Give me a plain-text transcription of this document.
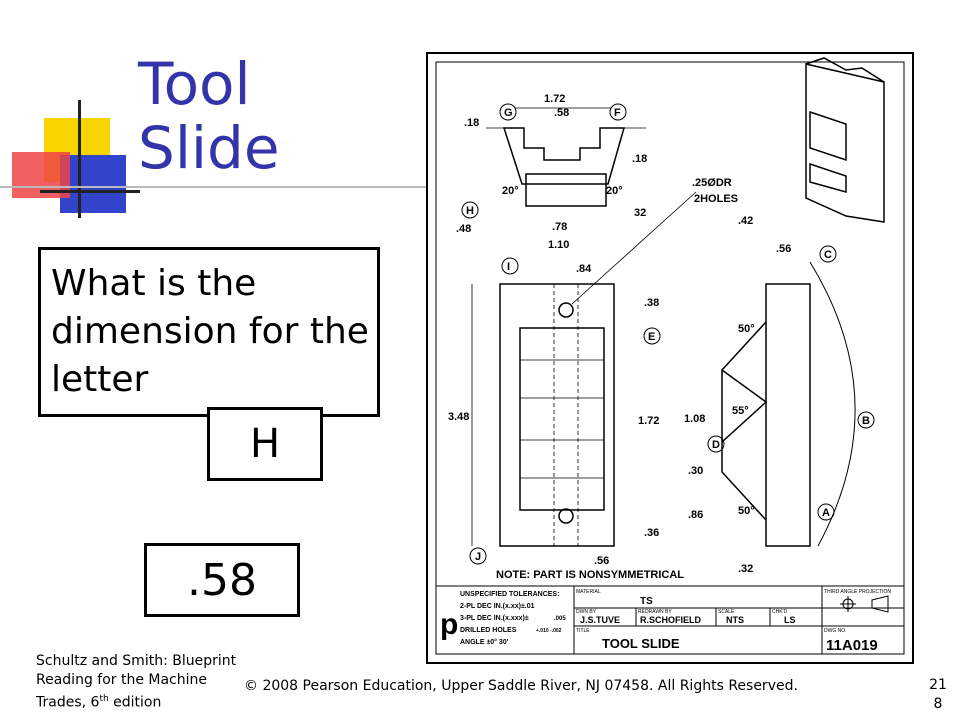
Tool
Slide
What is the dimension for the letter
H
.58
Schultz and Smith: Blueprint
Reading for the Machine
Trades, 6th edition
© 2008 Pearson Education, Upper Saddle River, NJ 07458. All Rights Reserved.	21
8
1.72
.58
.18
.18
20°	20°
.78
32
.48
1.10
G	F
H
I
E
J
C
B
D
A
.84
.25ØDR
2HOLES
.38
3.48	1.72
.36
.56
.42
.56
50°
1.08
55°
.30
.86	50°
.32
NOTE: PART IS NONSYMMETRICAL
p
UNSPECIFIED TOLERANCES:
2-PL DEC IN.(x.xx)±.01
3-PL DEC IN.(x.xxx)±	.005
DRILLED HOLES	+.010 -.002
ANGLE ±0° 30'
MATERIAL
TS
DWN BY
J.S.TUVE
REDRAWN BY
R.SCHOFIELD
SCALE
NTS
CHK'D
LS
TITLE
TOOL SLIDE
THIRD ANGLE PROJECTION
DWG NO.
11A019
